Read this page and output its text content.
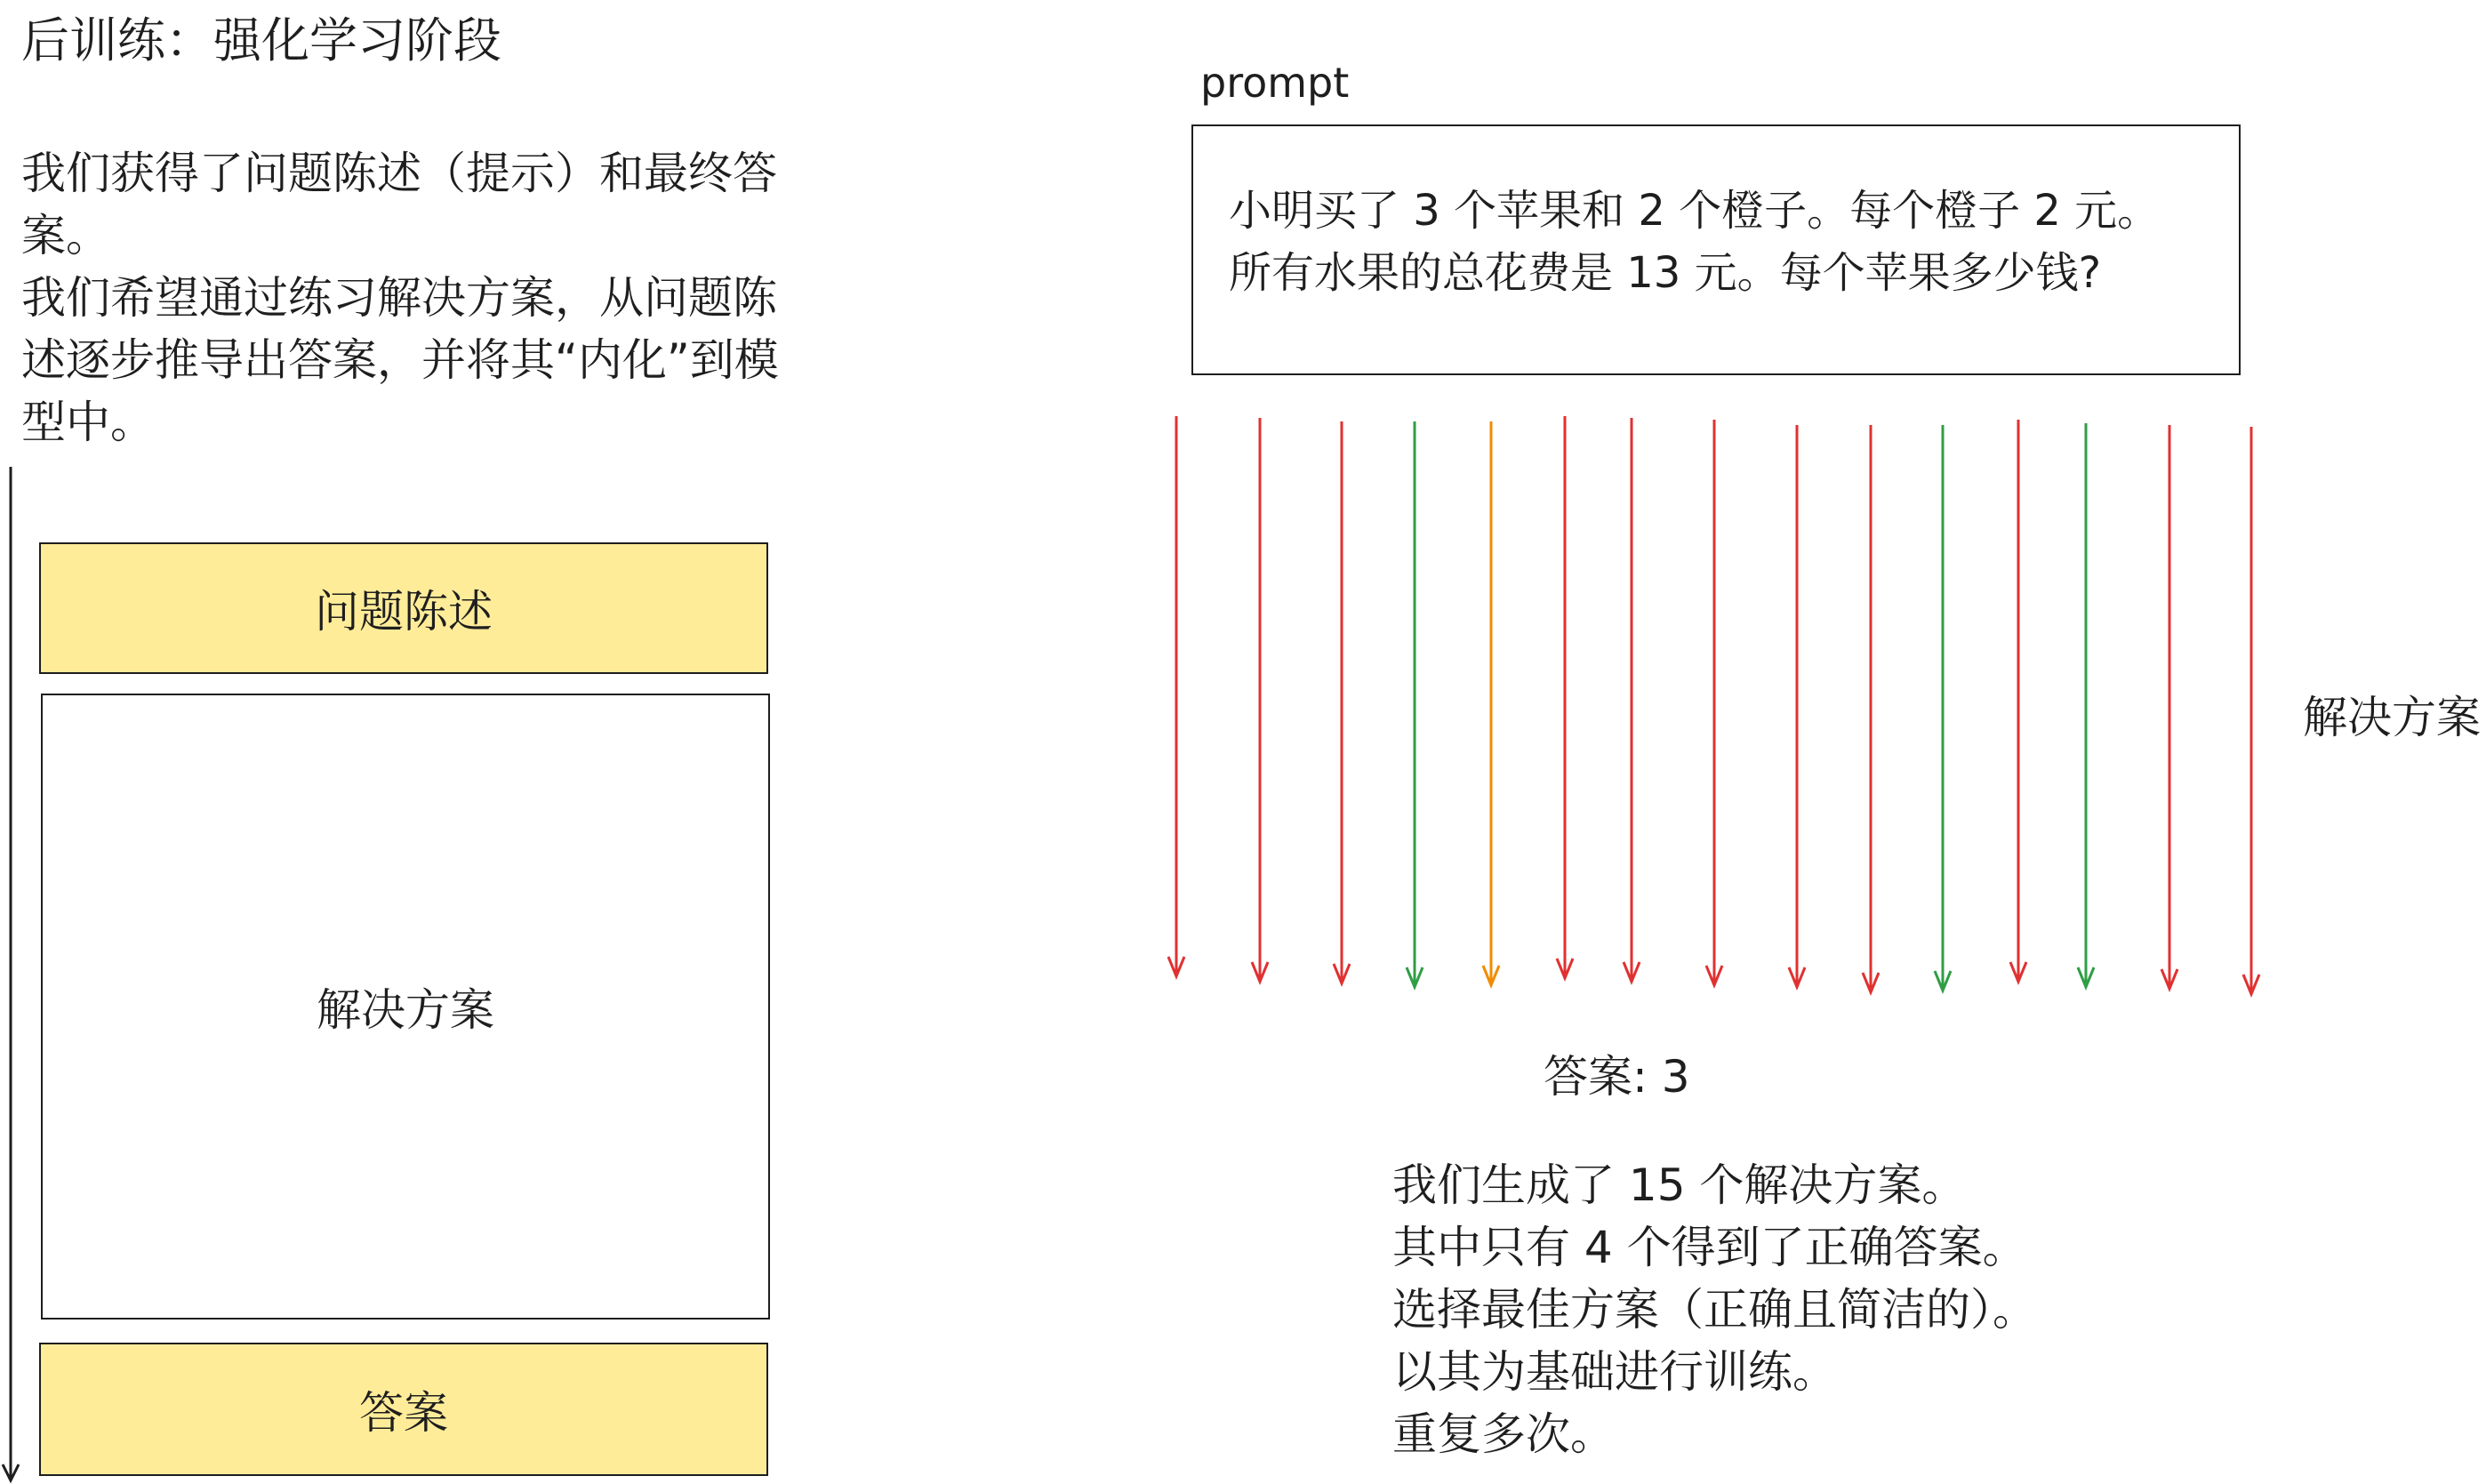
后训练：强化学习阶段

我们获得了问题陈述（提示）和最终答案。

我们希望通过练习解决方案，从问题陈述逐步推导出答案，并将其“内化”到模型中。

问题陈述
解决方案
答案
prompt

小明买了 3 个苹果和 2 个橙子。每个橙子 2 元。

所有水果的总花费是 13 元。每个苹果多少钱?

解决方案
答案: 3

我们生成了 15 个解决方案。

其中只有 4 个得到了正确答案。

选择最佳方案（正确且简洁的）。

以其为基础进行训练。

重复多次。
